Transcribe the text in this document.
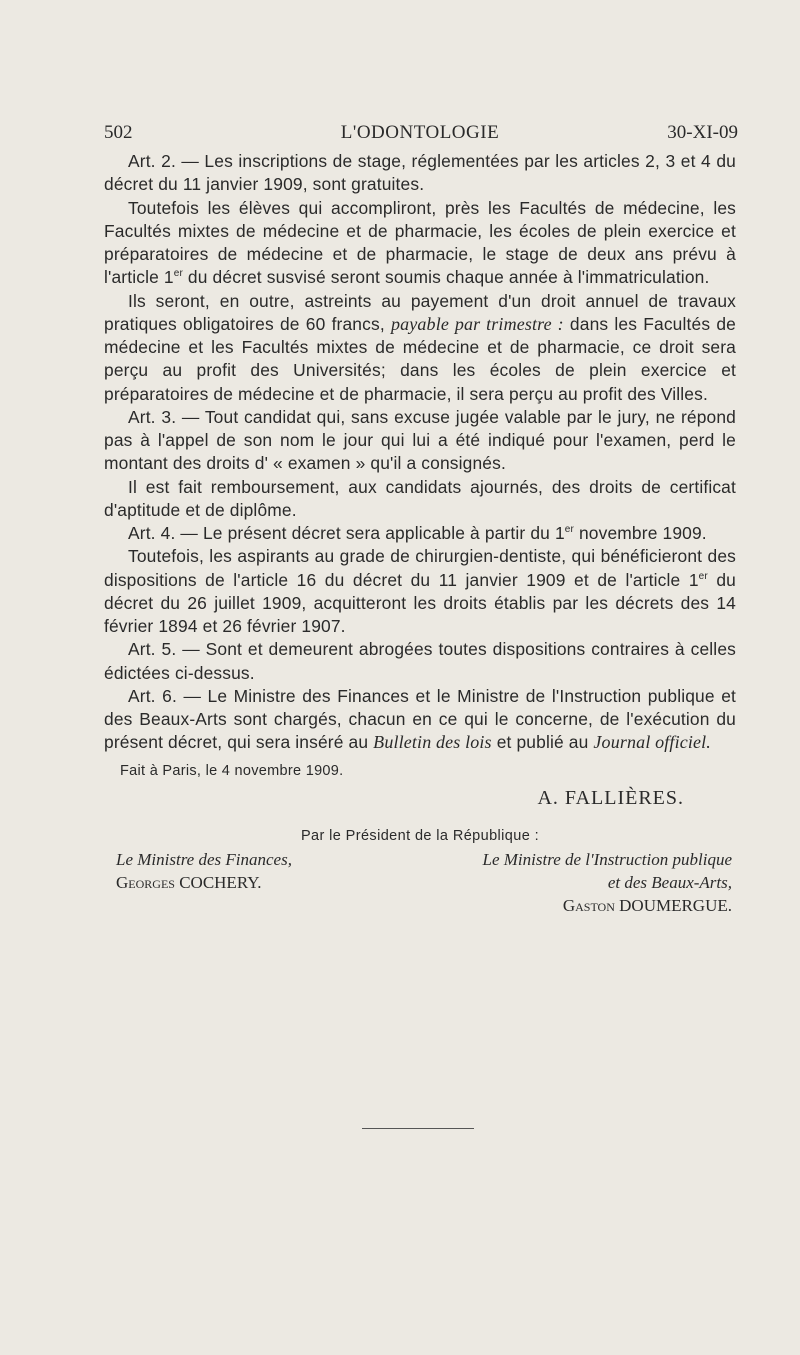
502	L'ODONTOLOGIE	30-XI-09

Art. 2. — Les inscriptions de stage, réglementées par les articles 2, 3 et 4 du décret du 11 janvier 1909, sont gratuites.

Toutefois les élèves qui accompliront, près les Facultés de médecine, les Facultés mixtes de médecine et de pharmacie, les écoles de plein exercice et préparatoires de médecine et de pharmacie, le stage de deux ans prévu à l'article 1er du décret susvisé seront soumis chaque année à l'immatriculation.

Ils seront, en outre, astreints au payement d'un droit annuel de travaux pratiques obligatoires de 60 francs, payable par trimestre : dans les Facultés de médecine et les Facultés mixtes de médecine et de pharmacie, ce droit sera perçu au profit des Universités; dans les écoles de plein exercice et préparatoires de médecine et de pharmacie, il sera perçu au profit des Villes.

Art. 3. — Tout candidat qui, sans excuse jugée valable par le jury, ne répond pas à l'appel de son nom le jour qui lui a été indiqué pour l'examen, perd le montant des droits d' « examen » qu'il a consignés.

Il est fait remboursement, aux candidats ajournés, des droits de certificat d'aptitude et de diplôme.

Art. 4. — Le présent décret sera applicable à partir du 1er novembre 1909.

Toutefois, les aspirants au grade de chirurgien-dentiste, qui bénéficieront des dispositions de l'article 16 du décret du 11 janvier 1909 et de l'article 1er du décret du 26 juillet 1909, acquitteront les droits établis par les décrets des 14 février 1894 et 26 février 1907.

Art. 5. — Sont et demeurent abrogées toutes dispositions contraires à celles édictées ci-dessus.

Art. 6. — Le Ministre des Finances et le Ministre de l'Instruction publique et des Beaux-Arts sont chargés, chacun en ce qui le concerne, de l'exécution du présent décret, qui sera inséré au Bulletin des lois et publié au Journal officiel.

Fait à Paris, le 4 novembre 1909.
A. FALLIÈRES.
Par le Président de la République :
Le Ministre des Finances,
Georges COCHERY.
Le Ministre de l'Instruction publique
et des Beaux-Arts,
Gaston DOUMERGUE.
